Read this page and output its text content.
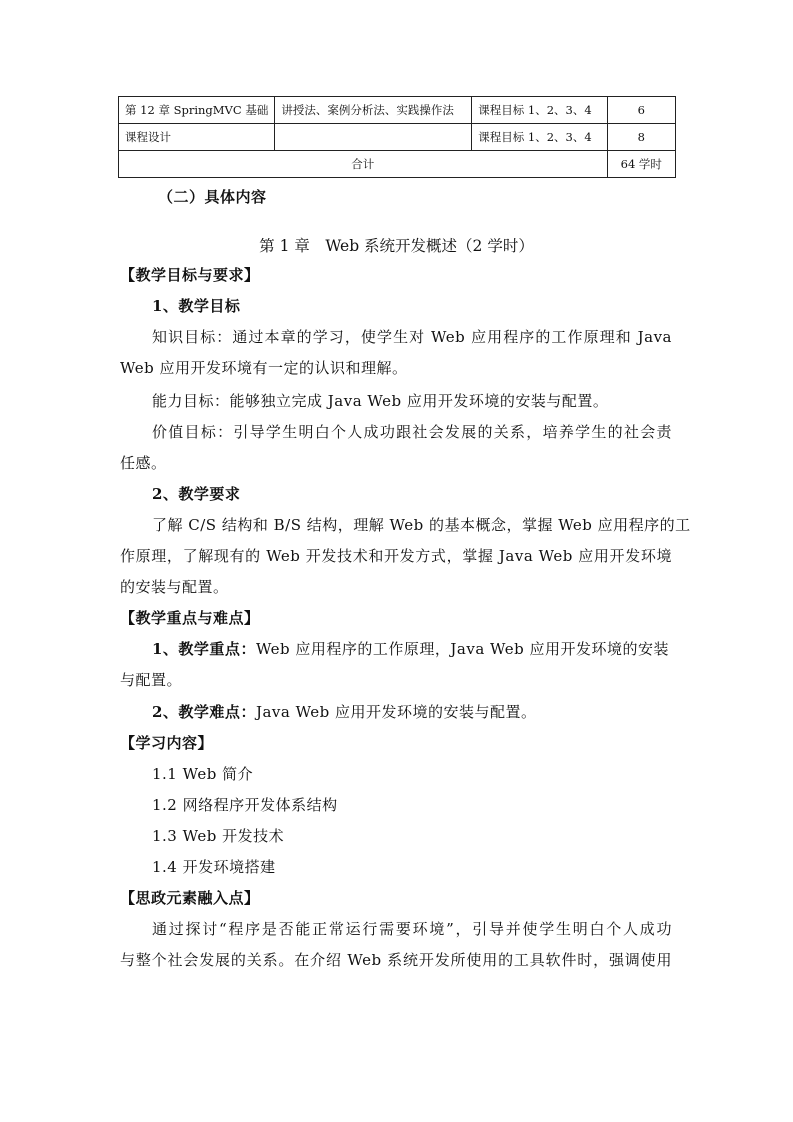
第 12 章 SpringMVC 基础	讲授法、案例分析法、实践操作法	课程目标 1、2、3、4	6
课程设计		课程目标 1、2、3、4	8
合计			64 学时
（二）具体内容
第 1 章　Web 系统开发概述（2 学时）
【教学目标与要求】
1、教学目标
知识目标：通过本章的学习，使学生对 Web 应用程序的工作原理和 Java
Web 应用开发环境有一定的认识和理解。
能力目标：能够独立完成 Java Web 应用开发环境的安装与配置。
价值目标：引导学生明白个人成功跟社会发展的关系，培养学生的社会责
任感。
2、教学要求
了解 C/S 结构和 B/S 结构，理解 Web 的基本概念，掌握 Web 应用程序的工
作原理，了解现有的 Web 开发技术和开发方式，掌握 Java Web 应用开发环境
的安装与配置。
【教学重点与难点】
1、教学重点：Web 应用程序的工作原理，Java Web 应用开发环境的安装
与配置。
2、教学难点：Java Web 应用开发环境的安装与配置。
【学习内容】
1.1 Web 简介
1.2 网络程序开发体系结构
1.3 Web 开发技术
1.4 开发环境搭建
【思政元素融入点】
通过探讨“程序是否能正常运行需要环境”，引导并使学生明白个人成功
与整个社会发展的关系。在介绍 Web 系统开发所使用的工具软件时，强调使用
